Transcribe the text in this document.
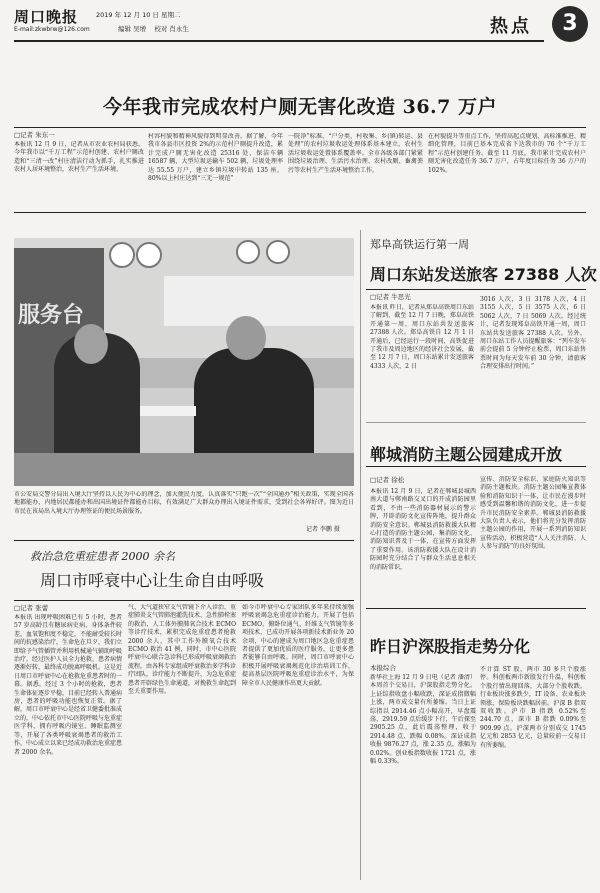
周口晚报
E-mail:zkwbrw@126.com
2019 年 12 月 10 日 星期二
编辑 吴增 校对 肖永生	热点	3
今年我市完成农村户厕无害化改造 36.7 万户
□记者 朱东一
本报讯 12 月 9 日，记者从市农业农村局获悉，今年我市以“千万工程”示范村创建、农村户厕改造和“三清一改”村庄清洁行动为抓手，扎实推进农村人居环境整治，农村生产生活环境、
村容村貌和精神风貌得到明显改善。据了解，今年我市各县市区投资 2%的示范村户厕提升改造，累计完成户厕无害化改造 25316 处，保洁车辆 16587 辆，大型垃圾运输车 502 辆，垃圾处理率达 55.55 万户，建立乡镇垃圾中转站 135 座，80%以上村庄达到“三无一规范”
一院净”标准，“户分类、村收集、乡(镇)转运、县处理”的农村垃圾收运处理体系基本建立，农村生活垃圾收运处置体系覆盖率。全市各级各部门紧紧围绕垃圾治理、生活污水治理、农村改厕、畜禽粪污等农村生产生活环境整治工作，
在村貌提升等重点工作，坚持高起点规划、高标准推进、精细化管理，目前已基本完成省下达我市的 76 个“千万工程”示范村创建任务。截至 11 月底，我市累计完成农村户厕无害化改造任务 36.7 万户，占年度目标任务 36 万户的 102%。
服务台
市公安局交警分局出入境大厅坚持以人民为中心的理念，加大便民力度，认真落实“只跑一次”“全国通办”相关政策，实现全国各地都能办，内地居民都能办和出国出境证件都能办目标，有效满足广大群众办理出入境证件需求，受到社会各界好评。图为近日市民在该局出入境大厅办理签证的便民场景服务。
记者 李鹏 摄
郑阜高铁运行第一周
周口东站发送旅客 27388 人次
□记者 牛思光
本报讯 昨日，记者从郑阜高铁周口东站了解到，截至 12 月 7 日晚，郑阜高铁开通第一周，周口东站共发送旅客 27388 人次。郑阜高铁自 12 月 1 日开通后，已经运行一段时间，高铁促进了我市及周边地区的经济社会发展，截至 12 月 7 日，周口东站累计发送旅客 4333 人次，2 日
3016 人次，3 日 3178 人次，4 日 3155 人次，5 日 3575 人次，6 日 5062 人次，7 日 5069 人次。经过统计，记者发现郑阜高铁开通一周，周口东站共发送旅客 27388 人次。另外，周口东站工作人员提醒旅客：“列车发车前会提前 5 分钟停止检票，周口东站售票时间为每天发车前 30 分钟，请旅客合理安排出行时间。”
郸城消防主题公园建成开放
□记者 徐松
本报讯 12 月 9 日，记者在郸城县城西南大道与郸南路交叉口的开成消防园里看到，不由一些消防器材展示的警示牌，开辟消防文化宣传阵地，提升群众消防安全意识。郸城县消防救援大队精心打造的消防主题公园，集消防文化、消防知识普及于一体，在宣传方面发挥了重要作用。该消防救援大队在设计消防园时充分结合了与群众生活息息相关的消防常识，
宣传、消防安全标识、家庭防火知识等消防主题板块。消防主题公园集宣教体验和消防知识于一体，让市民在漫步时感受到温馨和谐的消防文化，进一步提升市民消防安全素养。郸城县消防救援大队负责人表示，他们将充分发挥消防主题公园的作用，开展一系列消防知识宣传活动，积极营造“人人关注消防、人人参与消防”的良好氛围。
救治急危重症患者 2000 余名
周口市呼衰中心让生命自由呼吸
□记者 张蕾
本报讯 出现呼吸困难已有 5 小时，患者 57 岁高龄且有糖尿病史病，身体条件较差，血氧饱和度不稳定，不能耐受较长时间的抗感染治疗，生命危在旦夕，我们立即给予气管插管并利用机械通气辅助呼吸治疗，经过医护人员全力抢救，患者病情逐渐好转，最终成功脱离呼吸机。这是近日周口市呼衰中心在抢救危重患者时的一幕。据悉，经过 3 个小时的抢救，患者生命体征逐步平稳，目前已经转入普通病房，患者的呼吸功能也恢复正常。据了解，周口市呼衰中心是经省卫健委批准成立的，中心依托市中心医院呼吸与危重症医学科，拥有呼吸内镜室、睡眠监测室等，开展了各类呼吸衰竭患者的救治工作，中心成立以来已经成功救治危重症患者 2000 余名。
气、大气道狭窄支气管镜下介入诊治、重症肺炎支气管肺泡灌洗技术、急性肺栓塞的救治、人工体外膜肺氧合技术 ECMO 等诊疗技术，累积完成危重症患者抢救 2000 余人，其中工作外膜氧合技术 ECMO 救治 41 例，同时，市中心医院呼衰中心联合急诊科已形成呼吸衰竭救治流程，由各科专家组成呼衰救治多学科诊疗团队，诊疗能力不断提升，为急危重症患者开辟绿色生命通道，对挽救生命起到至关重要作用。
如今市呼衰中心专家团队多年来持续加强呼吸衰竭急危重症诊治能力，开展了包括 ECMO、俯卧位通气、纤维支气管镜等多项技术，已成功开展各项新技术新业务 20 余项，中心的建成为周口地区急危重症患者提供了更加优质的医疗服务，让更多患者能够自由呼吸。同时，周口市呼衰中心积极开展呼吸衰竭规范化诊治培训工作，提高基层医院呼吸危重症诊治水平，为保障全市人民健康作出更大贡献。
昨日沪深股指走势分化
本报综合
新华社上海 12 月 9 日电（记者 潘清）本周首个交易日，沪深股指走势分化。上证综指收盘小幅收跌，深证成指微幅上涨，两市成交量有所萎缩。当日上证综指以 2914.46 点小幅高开，早盘震荡，2919.59 点后缓步下行，午后探至 2905.25 点，此后震荡整理，收于 2914.48 点，跌幅 0.08%。深证成指收报 9876.27 点，涨 2.35 点，涨幅为 0.02%。创业板指数收报 1721 点，涨幅 0.33%。
不计算 ST 股，两市 30 多只个股涨停。科创板两市新股发行升温，科创板个股行情出现回落，大部分个股收跌。行业板块涨多跌少，IT 设备、农业板块领涨，保险板块跌幅居前。沪深 B 指双双收跌。沪市 B 指跌 0.52%至 244.70 点，深市 B 指跌 0.09%至 909.99 点。沪深两市分别成交 1745 亿元和 2853 亿元，总量较前一交易日有所萎缩。
